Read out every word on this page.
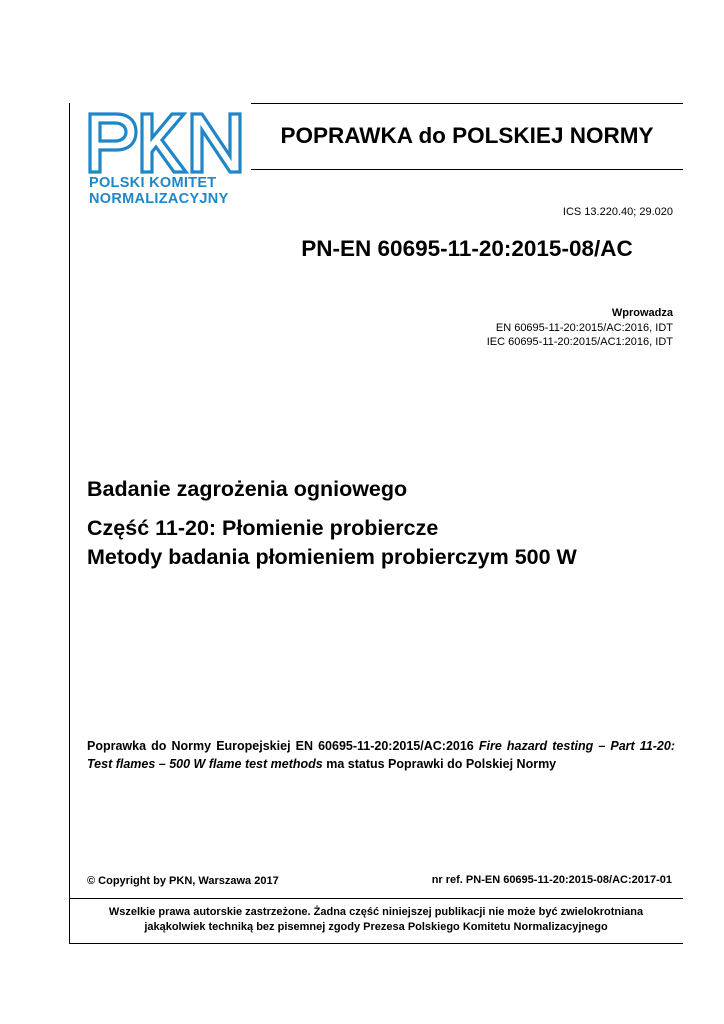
POLSKI KOMITET
NORMALIZACYJNY
POPRAWKA do POLSKIEJ NORMY
ICS 13.220.40; 29.020
PN-EN 60695-11-20:2015-08/AC
Wprowadza
EN 60695-11-20:2015/AC:2016, IDT
IEC 60695-11-20:2015/AC1:2016, IDT
Badanie zagrożenia ogniowego
Część 11-20: Płomienie probiercze
Metody badania płomieniem probierczym 500 W
Poprawka do Normy Europejskiej EN 60695-11-20:2015/AC:2016 Fire hazard testing – Part 11-20: Test flames – 500 W flame test methods ma status Poprawki do Polskiej Normy
© Copyright by PKN, Warszawa 2017	nr ref. PN-EN 60695-11-20:2015-08/AC:2017-01
Wszelkie prawa autorskie zastrzeżone. Żadna część niniejszej publikacji nie może być zwielokrotniana
jakąkolwiek techniką bez pisemnej zgody Prezesa Polskiego Komitetu Normalizacyjnego
